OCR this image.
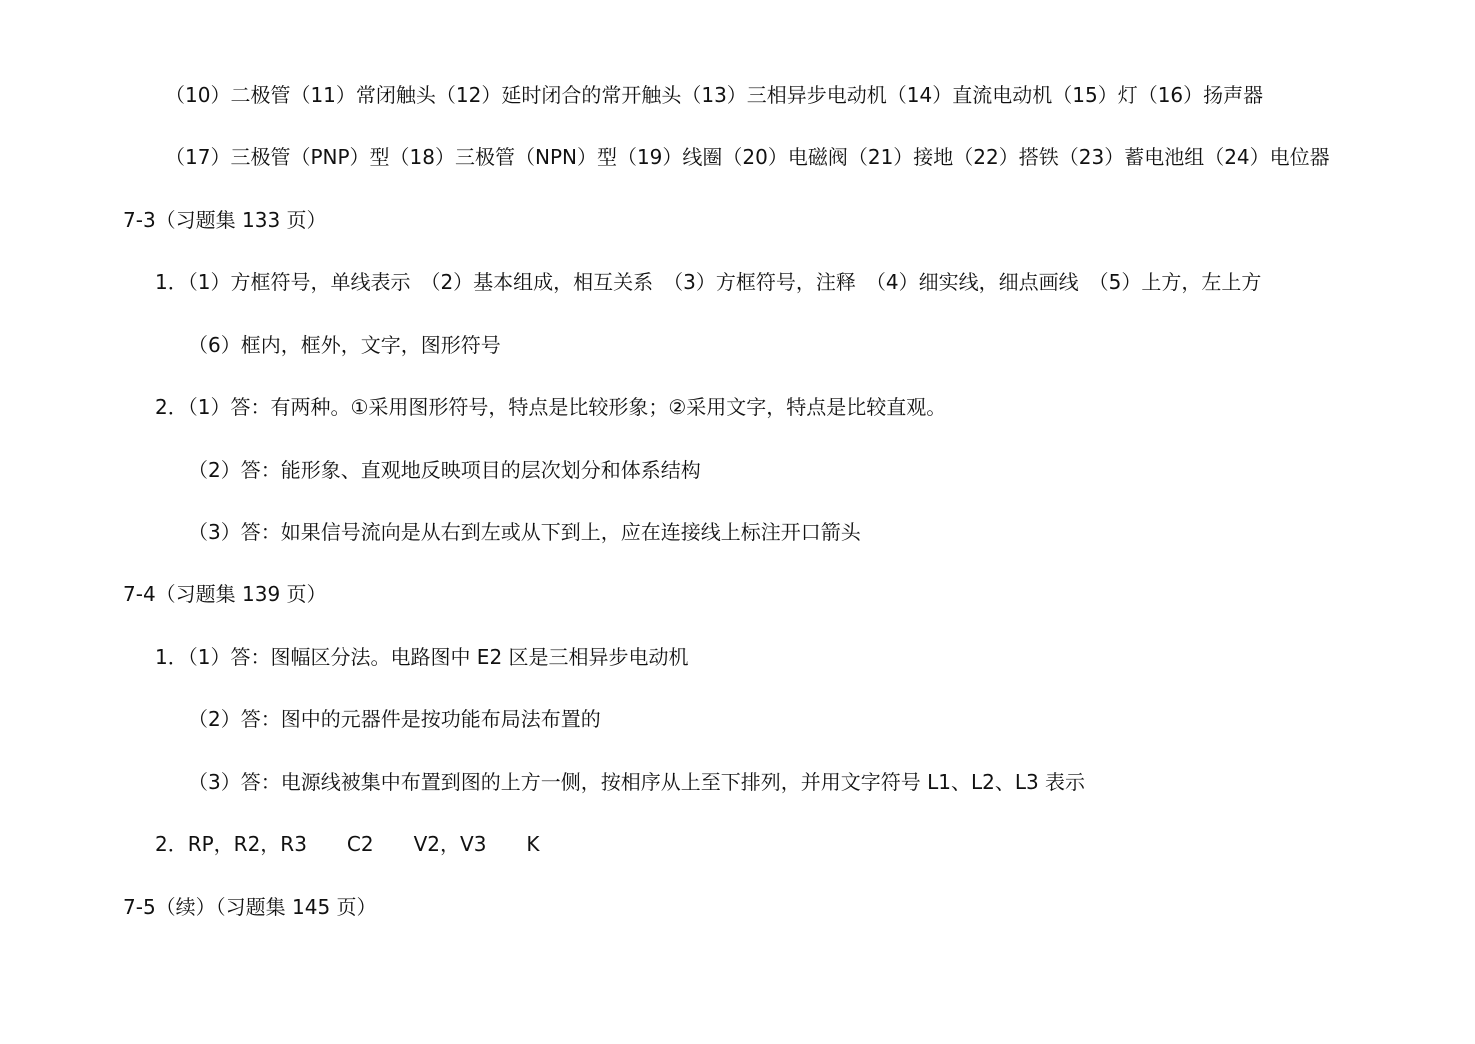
（10）二极管（11）常闭触头（12）延时闭合的常开触头（13）三相异步电动机（14）直流电动机（15）灯（16）扬声器
（17）三极管（PNP）型（18）三极管（NPN）型（19）线圈（20）电磁阀（21）接地（22）搭铁（23）蓄电池组（24）电位器
7-3（习题集 133 页）
1．（1）方框符号，单线表示　（2）基本组成，相互关系　（3）方框符号，注释　（4）细实线，细点画线　（5）上方，左上方
（6）框内，框外，文字，图形符号
2．（1）答：有两种。①采用图形符号，特点是比较形象；②采用文字，特点是比较直观。
（2）答：能形象、直观地反映项目的层次划分和体系结构
（3）答：如果信号流向是从右到左或从下到上，应在连接线上标注开口箭头
7-4（习题集 139 页）
1．（1）答：图幅区分法。电路图中 E2 区是三相异步电动机
（2）答：图中的元器件是按功能布局法布置的
（3）答：电源线被集中布置到图的上方一侧，按相序从上至下排列，并用文字符号 L1、L2、L3 表示
2．RP，R2，R3　　C2　　V2，V3　　K
7-5（续）（习题集 145 页）
